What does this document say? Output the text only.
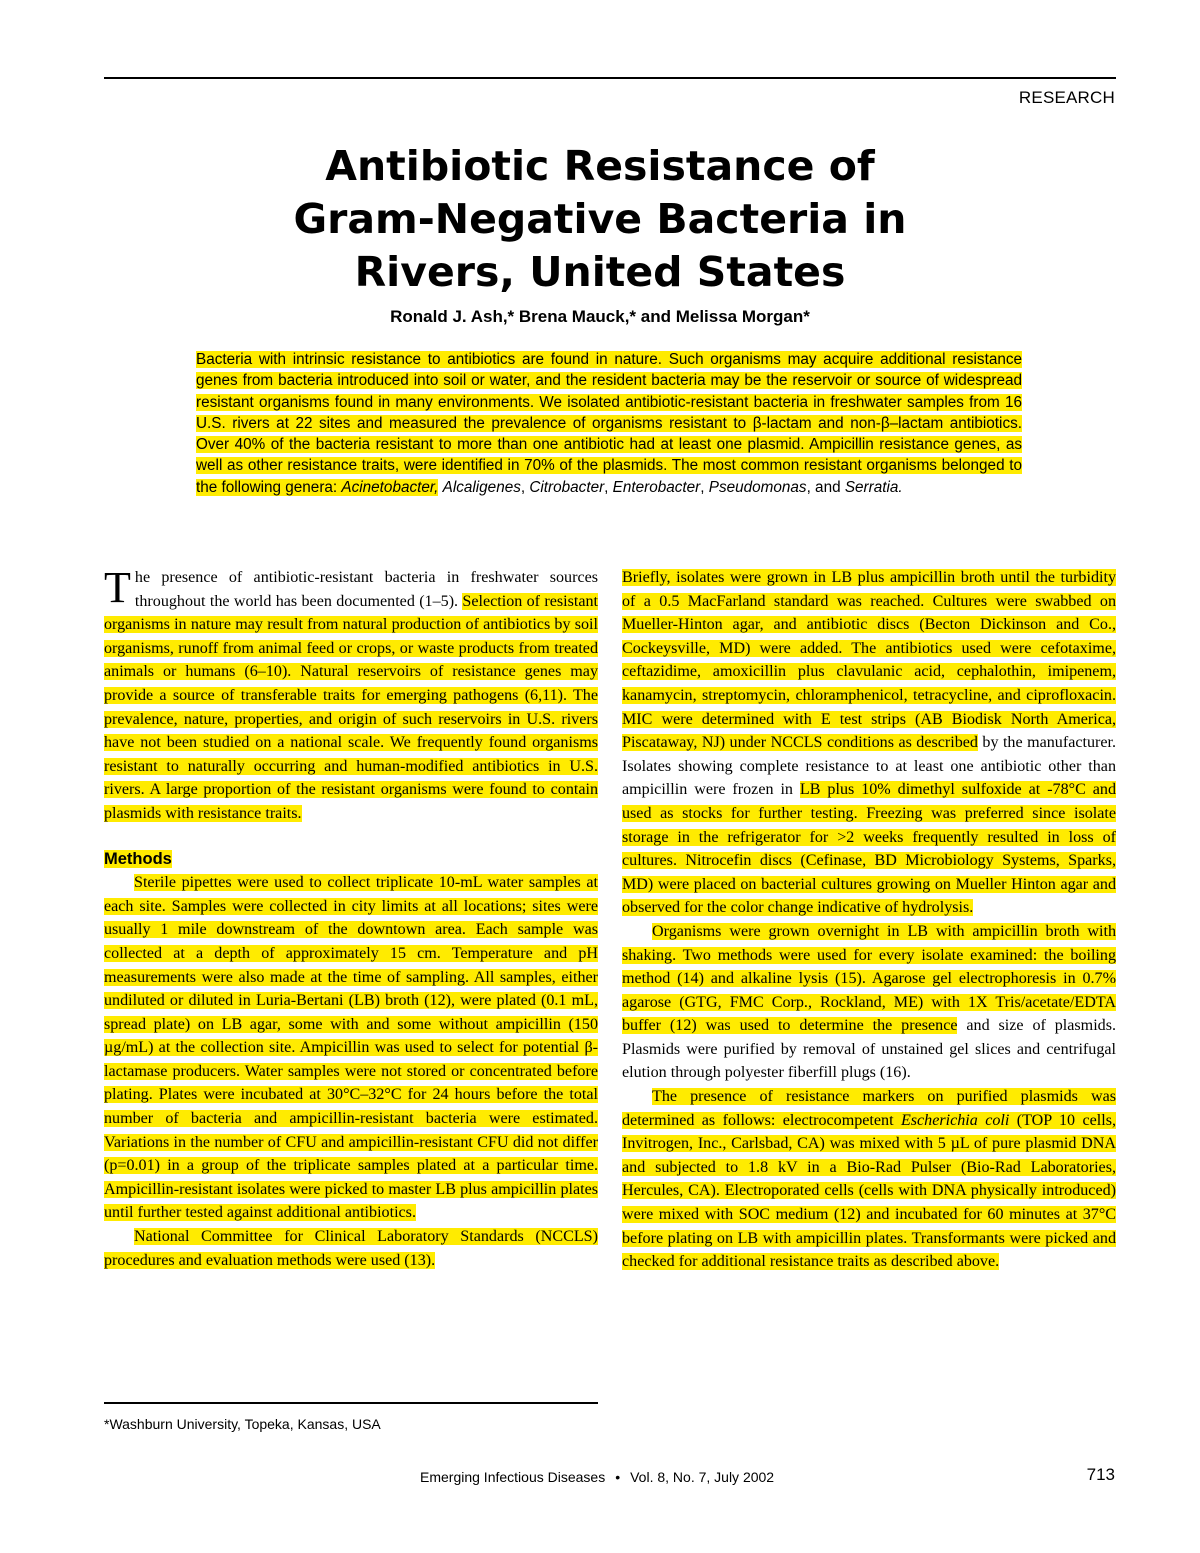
RESEARCH
Antibiotic Resistance of
Gram-Negative Bacteria in
Rivers, United States
Ronald J. Ash,* Brena Mauck,* and Melissa Morgan*
Bacteria with intrinsic resistance to antibiotics are found in nature. Such organisms may acquire additional resistance genes from bacteria introduced into soil or water, and the resident bacteria may be the reservoir or source of widespread resistant organisms found in many environments. We isolated antibiotic-resistant bacteria in freshwater samples from 16 U.S. rivers at 22 sites and measured the prevalence of organisms resistant to β-lactam and non-β–lactam antibiotics. Over 40% of the bacteria resistant to more than one antibiotic had at least one plasmid. Ampicillin resistance genes, as well as other resistance traits, were identified in 70% of the plasmids. The most common resistant organisms belonged to the following genera: Acinetobacter, Alcaligenes, Citrobacter, Enterobacter, Pseudomonas, and Serratia.

The presence of antibiotic-resistant bacteria in freshwater sources throughout the world has been documented (1–5). Selection of resistant organisms in nature may result from natural production of antibiotics by soil organisms, runoff from animal feed or crops, or waste products from treated animals or humans (6–10). Natural reservoirs of resistance genes may provide a source of transferable traits for emerging pathogens (6,11). The prevalence, nature, properties, and origin of such reservoirs in U.S. rivers have not been studied on a national scale. We frequently found organisms resistant to naturally occurring and human-modified antibiotics in U.S. rivers. A large proportion of the resistant organisms were found to contain plasmids with resistance traits.

Methods

Sterile pipettes were used to collect triplicate 10-mL water samples at each site. Samples were collected in city limits at all locations; sites were usually 1 mile downstream of the downtown area. Each sample was collected at a depth of approximately 15 cm. Temperature and pH measurements were also made at the time of sampling. All samples, either undiluted or diluted in Luria-Bertani (LB) broth (12), were plated (0.1 mL, spread plate) on LB agar, some with and some without ampicillin (150 µg/mL) at the collection site. Ampicillin was used to select for potential β-lactamase producers. Water samples were not stored or concentrated before plating. Plates were incubated at 30°C–32°C for 24 hours before the total number of bacteria and ampicillin-resistant bacteria were estimated. Variations in the number of CFU and ampicillin-resistant CFU did not differ (p=0.01) in a group of the triplicate samples plated at a particular time. Ampicillin-resistant isolates were picked to master LB plus ampicillin plates until further tested against additional antibiotics.

National Committee for Clinical Laboratory Standards (NCCLS) procedures and evaluation methods were used (13).

*Washburn University, Topeka, Kansas, USA

Briefly, isolates were grown in LB plus ampicillin broth until the turbidity of a 0.5 MacFarland standard was reached. Cultures were swabbed on Mueller-Hinton agar, and antibiotic discs (Becton Dickinson and Co., Cockeysville, MD) were added. The antibiotics used were cefotaxime, ceftazidime, amoxicillin plus clavulanic acid, cephalothin, imipenem, kanamycin, streptomycin, chloramphenicol, tetracycline, and ciprofloxacin. MIC were determined with E test strips (AB Biodisk North America, Piscataway, NJ) under NCCLS conditions as described by the manufacturer. Isolates showing complete resistance to at least one antibiotic other than ampicillin were frozen in LB plus 10% dimethyl sulfoxide at -78°C and used as stocks for further testing. Freezing was preferred since isolate storage in the refrigerator for >2 weeks frequently resulted in loss of cultures. Nitrocefin discs (Cefinase, BD Microbiology Systems, Sparks, MD) were placed on bacterial cultures growing on Mueller Hinton agar and observed for the color change indicative of hydrolysis.

Organisms were grown overnight in LB with ampicillin broth with shaking. Two methods were used for every isolate examined: the boiling method (14) and alkaline lysis (15). Agarose gel electrophoresis in 0.7% agarose (GTG, FMC Corp., Rockland, ME) with 1X Tris/acetate/EDTA buffer (12) was used to determine the presence and size of plasmids. Plasmids were purified by removal of unstained gel slices and centrifugal elution through polyester fiberfill plugs (16).

The presence of resistance markers on purified plasmids was determined as follows: electrocompetent Escherichia coli (TOP 10 cells, Invitrogen, Inc., Carlsbad, CA) was mixed with 5 µL of pure plasmid DNA and subjected to 1.8 kV in a Bio-Rad Pulser (Bio-Rad Laboratories, Hercules, CA). Electroporated cells (cells with DNA physically introduced) were mixed with SOC medium (12) and incubated for 60 minutes at 37°C before plating on LB with ampicillin plates. Transformants were picked and checked for additional resistance traits as described above.

Emerging Infectious Diseases • Vol. 8, No. 7, July 2002	713
